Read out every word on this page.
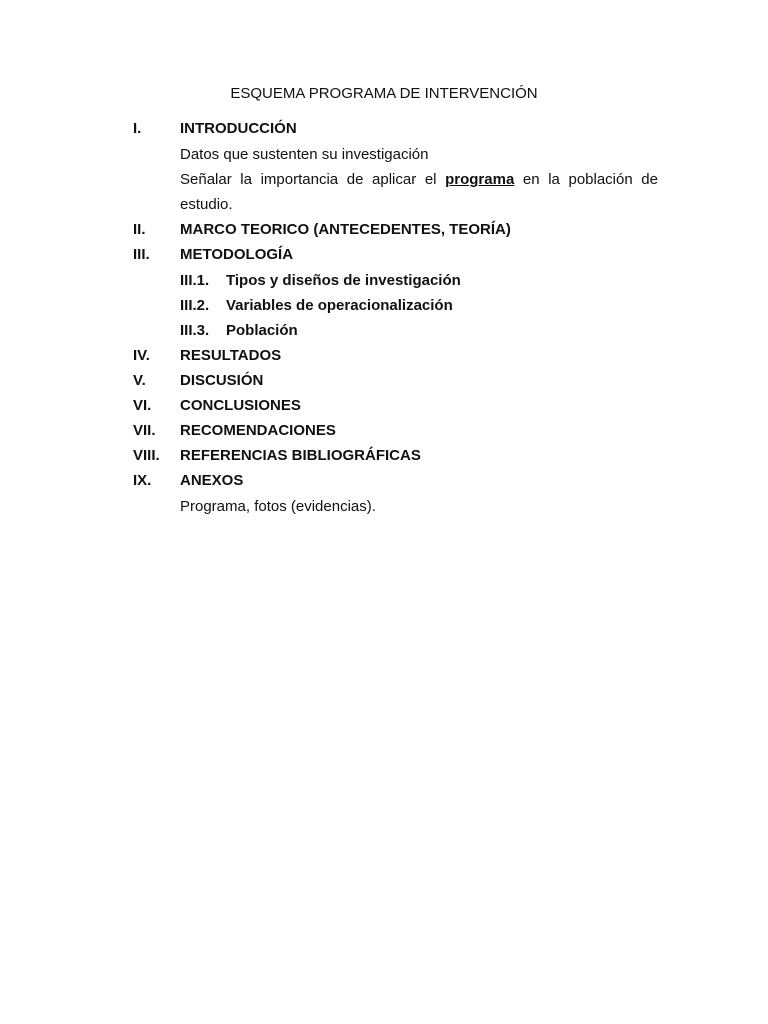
ESQUEMA PROGRAMA DE INTERVENCIÓN
I.	INTRODUCCIÓN
Datos que sustenten su investigación
Señalar la importancia de aplicar el programa en la población de
estudio.
II. MARCO TEORICO (ANTECEDENTES, TEORÍA)
III. METODOLOGÍA
III.1. Tipos y diseños de investigación
III.2. Variables de operacionalización
III.3. Población
IV. RESULTADOS
V. DISCUSIÓN
VI. CONCLUSIONES
VII. RECOMENDACIONES
VIII. REFERENCIAS BIBLIOGRÁFICAS
IX. ANEXOS
Programa, fotos (evidencias).
